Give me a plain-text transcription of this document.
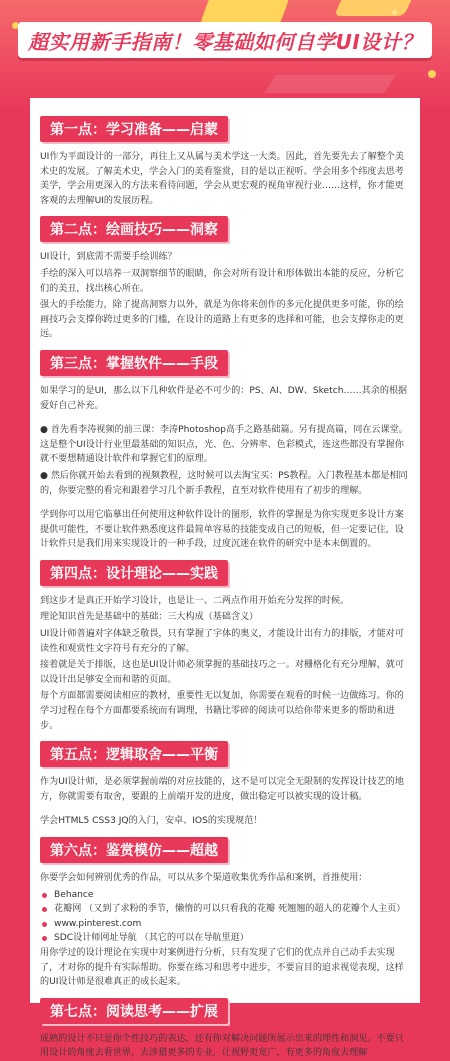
超实用新手指南！零基础如何自学UI设计？
第一点：学习准备——启蒙

UI作为平面设计的一部分，再往上又从属与美术学这一大类。因此，首先要先去了解整个美术史的发展。了解美术史，学会入门的美看鉴赏，目的是以正视听。学会用多个纬度去思考美学，学会用更深入的方法来看待问题，学会从更宏观的视角审视行业……这样，你才能更客观的去理解UI的发展历程。

第二点：绘画技巧——洞察

UI设计，到底需不需要手绘训练？

手绘的深入可以培养一双洞察细节的眼睛，你会对所有设计和形体做出本能的反应，分析它们的美丑，找出核心所在。

强大的手绘能力，除了提高洞察力以外，就是为你将来创作的多元化提供更多可能，你的绘画技巧会支撑你跨过更多的门槛，在设计的道路上有更多的选择和可能，也会支撑你走的更远。

第三点：掌握软件——手段

如果学习的是UI，那么以下几种软件是必不可少的：PS、AI、DW、Sketch……其余的根据爱好自己补充。

● 首先看李涛视频的前三课：李涛Photoshop高手之路基础篇。另有提高篇，同在云课堂。这是整个UI设计行业里最基础的知识点，光、色、分辨率、色彩模式，连这些都没有掌握你就不要想精通设计软件和掌握它们的原理。

● 然后你就开始去看到的视频教程，这时候可以去淘宝买：PS教程。入门教程基本都是相同的，你要完整的看完和跟着学习几个新手教程，直至对软件使用有了初步的理解。

学到你可以用它临摹出任何使用这种软件设计的图形，软件的掌握是为你实现更多设计方案提供可能性，不要让软件熟悉度这件最简单容易的技能变成自己的短板，但一定要记住，设计软件只是我们用来实现设计的一种手段，过度沉迷在软件的研究中是本末倒置的。

第四点：设计理论——实践

到这步才是真正开始学习设计，也是让一、二两点作用开始充分发挥的时候。

理论知识首先是基础中的基础：三大构成（基础含义）

UI设计师普遍对字体缺乏敬畏，只有掌握了字体的奥义，才能设计出有力的排版，才能对可读性和观赏性文字符号有充分的了解。

接着就是关于排版，这也是UI设计师必须掌握的基础技巧之一。对栅格化有充分理解，就可以设计出足够安全而和谐的页面。

每个方面都需要阅读相应的教材，重要性无以复加，你需要在观看的时候一边做练习。你的学习过程在每个方面都要系统而有调理，书籍比零碎的阅读可以给你带来更多的帮助和进步。

第五点：逻辑取舍——平衡

作为UI设计师，是必须掌握前端的对应技能的，这不是可以完全无限制的发挥设计技艺的地方，你就需要有取舍，要跟的上前端开发的进度，做出稳定可以被实现的设计稿。

学会HTML5 CSS3 JQ的入门，安卓、IOS的实现规范！

第六点：鉴赏模仿——超越

你要学会如何辨别优秀的作品，可以从多个渠道收集优秀作品和案例，首推使用：

Behance
花瓣网 （又到了求粉的季节，懒惰的可以只看我的花瓣 死翘翘的超人的花瓣个人主页）
www.pinterest.com
SDC设计师网址导航 （其它的可以在导航里逛）

用你学过的设计理论在实现中对案例进行分析，只有发现了它们的优点并自己动手去实现了，才对你的提升有实际帮助。你要在练习和思考中进步，不要盲目的追求视觉表现，这样的UI设计师是很难真正的成长起来。

第七点：阅读思考——扩展

成熟的设计不只是你个性技巧的表达，还有你对解决问题所展示出来的理性和洞见。不要只用设计的角度去看世界，去涉猎更多的专业，让视野更宽广，有更多的角度去理解
